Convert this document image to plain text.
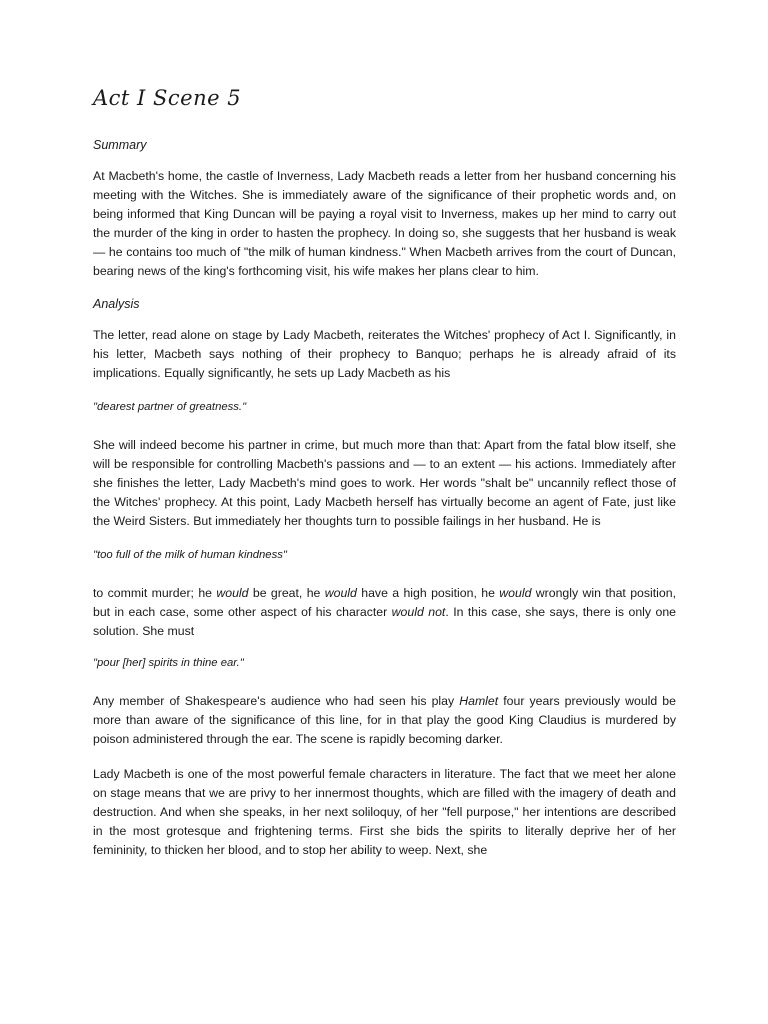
Act I Scene 5
Summary

At Macbeth's home, the castle of Inverness, Lady Macbeth reads a letter from her husband concerning his meeting with the Witches. She is immediately aware of the significance of their prophetic words and, on being informed that King Duncan will be paying a royal visit to Inverness, makes up her mind to carry out the murder of the king in order to hasten the prophecy. In doing so, she suggests that her husband is weak — he contains too much of "the milk of human kindness." When Macbeth arrives from the court of Duncan, bearing news of the king's forthcoming visit, his wife makes her plans clear to him.

Analysis

The letter, read alone on stage by Lady Macbeth, reiterates the Witches' prophecy of Act I. Significantly, in his letter, Macbeth says nothing of their prophecy to Banquo; perhaps he is already afraid of its implications. Equally significantly, he sets up Lady Macbeth as his

"dearest partner of greatness."

She will indeed become his partner in crime, but much more than that: Apart from the fatal blow itself, she will be responsible for controlling Macbeth's passions and — to an extent — his actions. Immediately after she finishes the letter, Lady Macbeth's mind goes to work. Her words "shalt be" uncannily reflect those of the Witches' prophecy. At this point, Lady Macbeth herself has virtually become an agent of Fate, just like the Weird Sisters. But immediately her thoughts turn to possible failings in her husband. He is

"too full of the milk of human kindness"

to commit murder; he would be great, he would have a high position, he would wrongly win that position, but in each case, some other aspect of his character would not. In this case, she says, there is only one solution. She must

"pour [her] spirits in thine ear."

Any member of Shakespeare's audience who had seen his play Hamlet four years previously would be more than aware of the significance of this line, for in that play the good King Claudius is murdered by poison administered through the ear. The scene is rapidly becoming darker.

Lady Macbeth is one of the most powerful female characters in literature. The fact that we meet her alone on stage means that we are privy to her innermost thoughts, which are filled with the imagery of death and destruction. And when she speaks, in her next soliloquy, of her "fell purpose," her intentions are described in the most grotesque and frightening terms. First she bids the spirits to literally deprive her of her femininity, to thicken her blood, and to stop her ability to weep. Next, she
